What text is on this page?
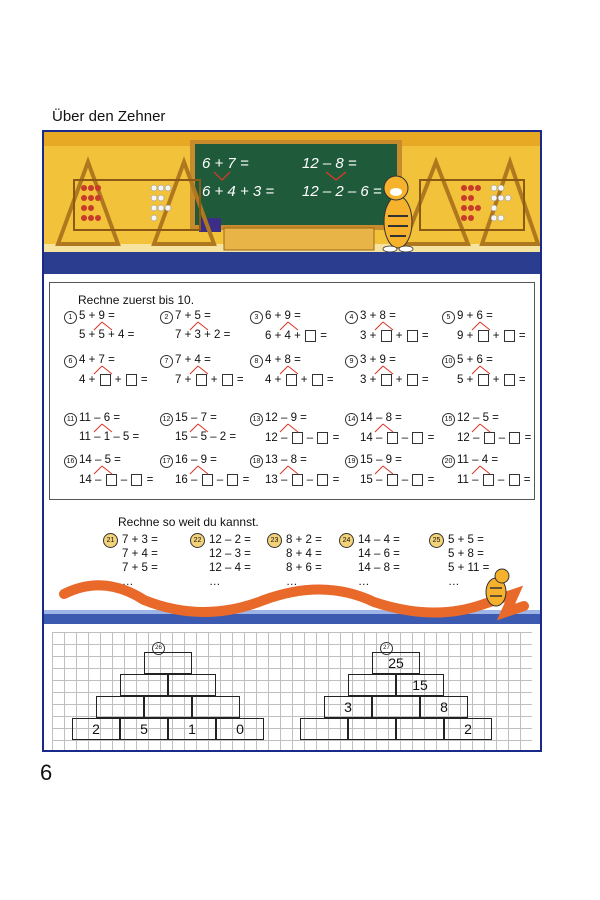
Über den Zehner
6 + 7 =	12 – 8 =
6 + 4 + 3 = 12 – 2 – 6 =
Rechne zuerst bis 10.
1 5 + 9 =
5 + 5 + 4 =
2 7 + 5 =
7 + 3 + 2 =
3 6 + 9 =
6 + 4 +  =
4 3 + 8 =
3 +  +  =
5 9 + 6 =
9 +  +  =
6 4 + 7 =
4 +  +  =
7 7 + 4 =
7 +  +  =
8 4 + 8 =
4 +  +  =
9 3 + 9 =
3 +  +  =
10 5 + 6 =
5 +  +  =
11 11 – 6 =
11 – 1 – 5 =
12 15 – 7 =
15 – 5 – 2 =
13 12 – 9 =
12 –  –  =
14 14 – 8 =
14 –  –  =
15 12 – 5 =
12 –  –  =
16 14 – 5 =
14 –  –  =
17 16 – 9 =
16 –  –  =
18 13 – 8 =
13 –  –  =
19 15 – 9 =
15 –  –  =
20 11 – 4 =
11 –  –  =
Rechne so weit du kannst.
21 7 + 3 =
7 + 4 =
7 + 5 =
…
22 12 – 2 =
12 – 3 =
12 – 4 =
…
23 8 + 2 =
8 + 4 =
8 + 6 =
…
24 14 – 4 =
14 – 6 =
14 – 8 =
…
25 5 + 5 =
5 + 8 =
5 + 11 =
…
26
2	5	1	0
27
2
3	8
15
25
6
